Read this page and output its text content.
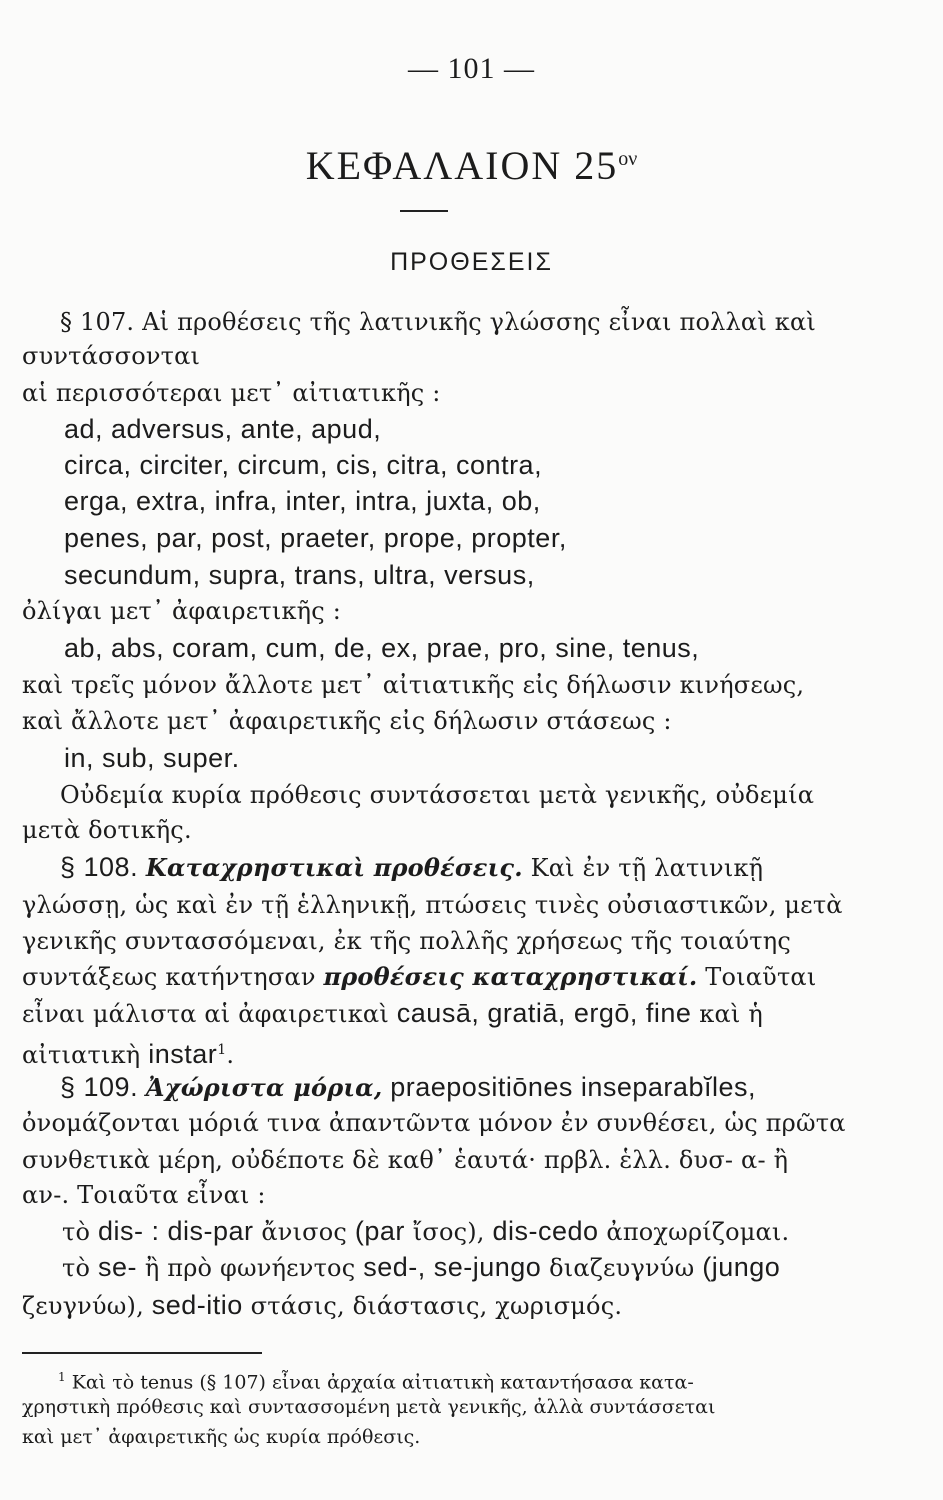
— 101 —
ΚΕΦΑΛΑΙΟΝ $25^{o\nu}$
ΠΡΟΘΕΣΕΙΣ
§ 107. Αἱ προθέσεις τῆς λατινικῆς γλώσσης εἶναι πολλαὶ καὶ
συντάσσονται
αἱ περισσότεραι μετ᾽ αἰτιατικῆς :
ad, adversus, ante, apud,
circa, circiter, circum, cis, citra, contra,
erga, extra, infra, inter, intra, juxta, ob,
penes, par, post, praeter, prope, propter,
secundum, supra, trans, ultra, versus,
ὀλίγαι μετ᾽ ἀφαιρετικῆς :
ab, abs, coram, cum, de, ex, prae, pro, sine, tenus,
καὶ τρεῖς μόνον ἄλλοτε μετ᾽ αἰτιατικῆς εἰς δήλωσιν κινήσεως,
καὶ ἄλλοτε μετ᾽ ἀφαιρετικῆς εἰς δήλωσιν στάσεως :
in, sub, super.
Οὐδεμία κυρία πρόθεσις συντάσσεται μετὰ γενικῆς, οὐδεμία
μετὰ δοτικῆς.
§ 108. Καταχρηστικαὶ προθέσεις. Καὶ ἐν τῇ λατινικῇ
γλώσσῃ, ὡς καὶ ἐν τῇ ἑλληνικῇ, πτώσεις τινὲς οὐσιαστικῶν, μετὰ
γενικῆς συντασσόμεναι, ἐκ τῆς πολλῆς χρήσεως τῆς τοιαύτης
συντάξεως κατήντησαν προθέσεις καταχρηστικαί. Τοιαῦται
εἶναι μάλιστα αἱ ἀφαιρετικαὶ causā, gratiā, ergō, fine καὶ ἡ
αἰτιατικὴ instar$^1$.
§ 109. Ἀχώριστα μόρια, praepositiōnes inseparabĭles,
ὀνομάζονται μόριά τινα ἀπαντῶντα μόνον ἐν συνθέσει, ὡς πρῶτα
συνθετικὰ μέρη, οὐδέποτε δὲ καθ᾽ ἑαυτά· πρβλ. ἑλλ. δυσ- α- ἢ
αν-. Τοιαῦτα εἶναι :
τὸ dis- : dis-par ἄνισος (par ἴσος), dis-cedo ἀποχωρίζομαι.
τὸ se- ἢ πρὸ φωνήεντος sed-, se-jungo διαζευγνύω (jungo
ζευγνύω), sed-itio στάσις, διάστασις, χωρισμός.
$^1$ Καὶ τὸ tenus (§ 107) εἶναι ἀρχαία αἰτιατικὴ καταντήσασα κατα-
χρηστικὴ πρόθεσις καὶ συντασσομένη μετὰ γενικῆς, ἀλλὰ συντάσσεται
καὶ μετ᾽ ἀφαιρετικῆς ὡς κυρία πρόθεσις.
